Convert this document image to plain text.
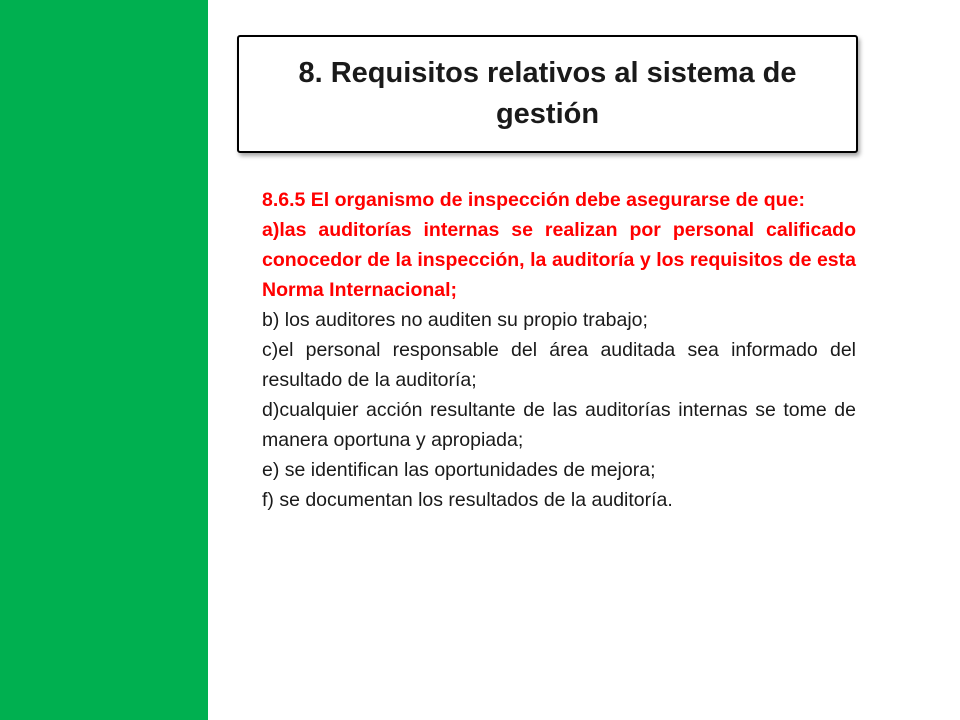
8. Requisitos relativos al sistema de gestión

8.6.5 El organismo de inspección debe asegurarse de que:

a)las auditorías internas se realizan por personal calificado conocedor de la inspección, la auditoría y los requisitos de esta Norma Internacional;

b) los auditores no auditen su propio trabajo;

c)el personal responsable del área auditada sea informado del resultado de la auditoría;

d)cualquier acción resultante de las auditorías internas se tome de manera oportuna y apropiada;

e) se identifican las oportunidades de mejora;

f) se documentan los resultados de la auditoría.
